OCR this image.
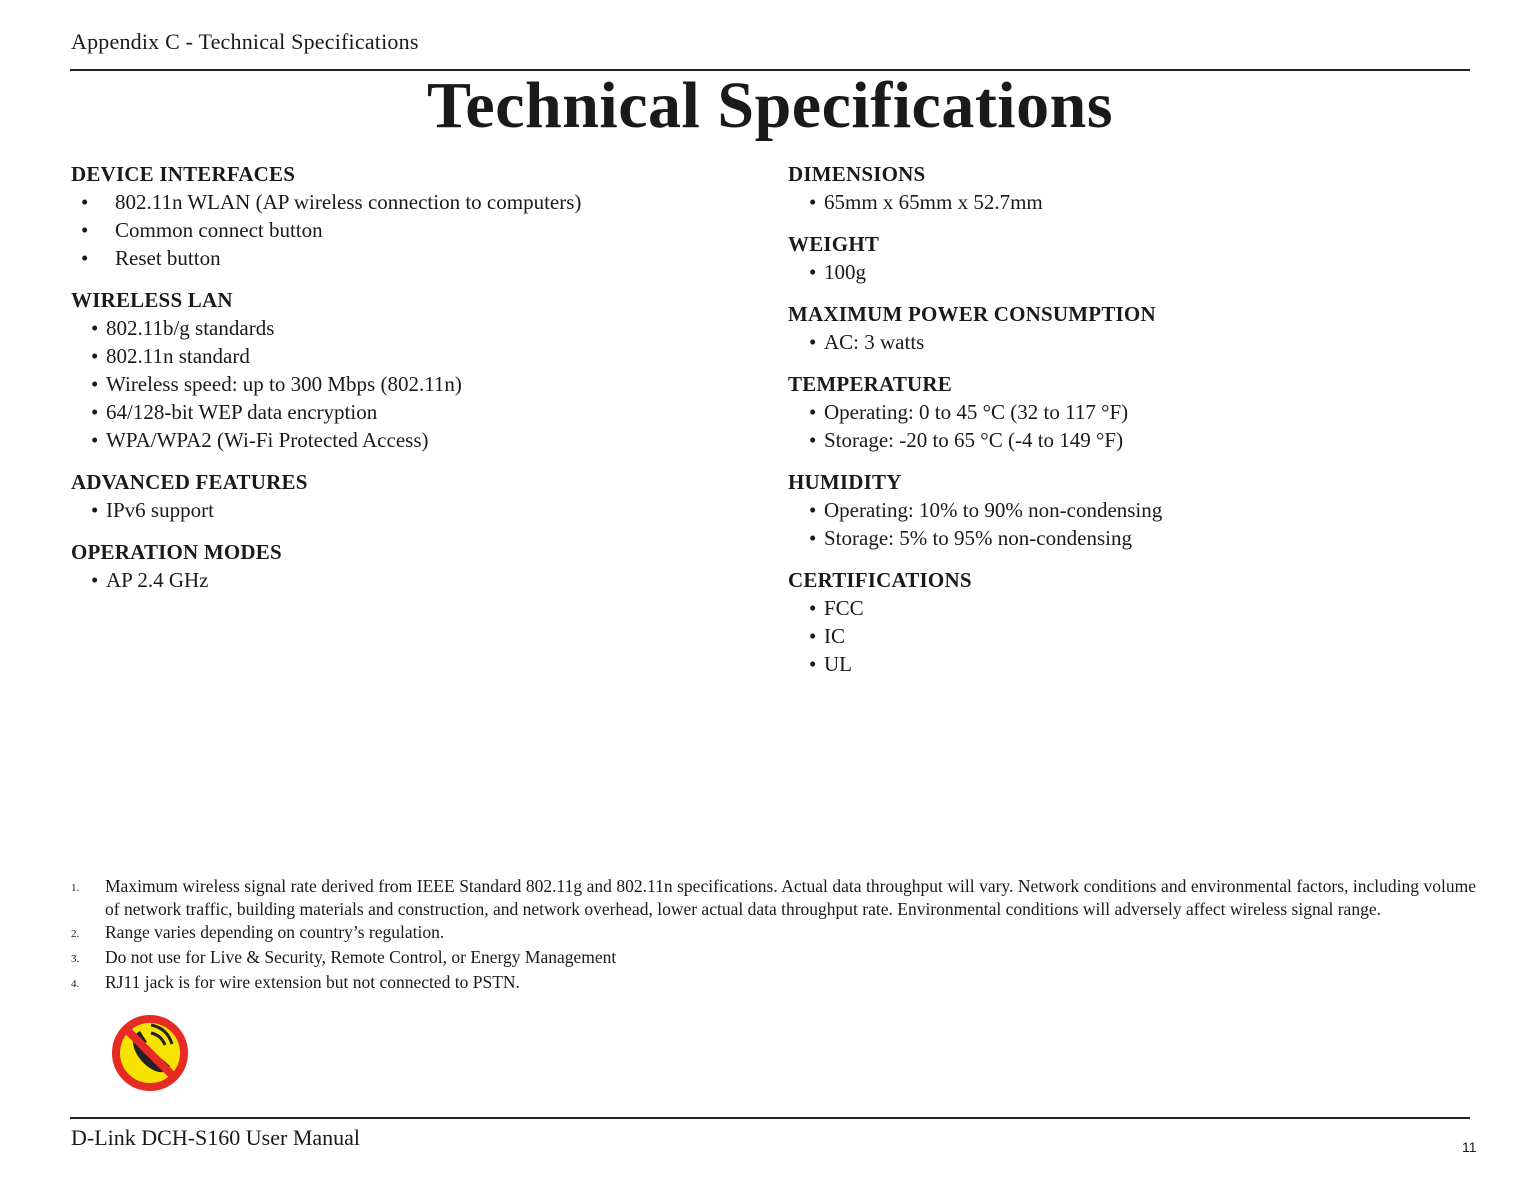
Appendix C - Technical Specifications
Technical Specifications
DEVICE INTERFACES
• 802.11n WLAN (AP wireless connection to computers)
• Common connect button
• Reset button
WIRELESS LAN
• 802.11b/g standards
• 802.11n standard
• Wireless speed: up to 300 Mbps (802.11n)
• 64/128-bit WEP data encryption
• WPA/WPA2 (Wi-Fi Protected Access)
ADVANCED FEATURES
• IPv6 support
OPERATION MODES
• AP 2.4 GHz
DIMENSIONS
• 65mm x 65mm x 52.7mm
WEIGHT
• 100g
MAXIMUM POWER CONSUMPTION
• AC: 3 watts
TEMPERATURE
• Operating: 0 to 45 °C (32 to 117 °F)
• Storage: -20 to 65 °C (-4 to 149 °F)
HUMIDITY
• Operating: 10% to 90% non-condensing
• Storage: 5% to 95% non-condensing
CERTIFICATIONS
• FCC
• IC
• UL
1.	Maximum wireless signal rate derived from IEEE Standard 802.11g and 802.11n specifications. Actual data throughput will vary. Network conditions and environmental factors, including volume of network traffic, building materials and construction, and network overhead, lower actual data throughput rate. Environmental conditions will adversely affect wireless signal range.
2.	Range varies depending on country’s regulation.
3.	Do not use for Live & Security, Remote Control, or Energy Management
4.	RJ11 jack is for wire extension but not connected to PSTN.
D-Link DCH-S160 User Manual	11
